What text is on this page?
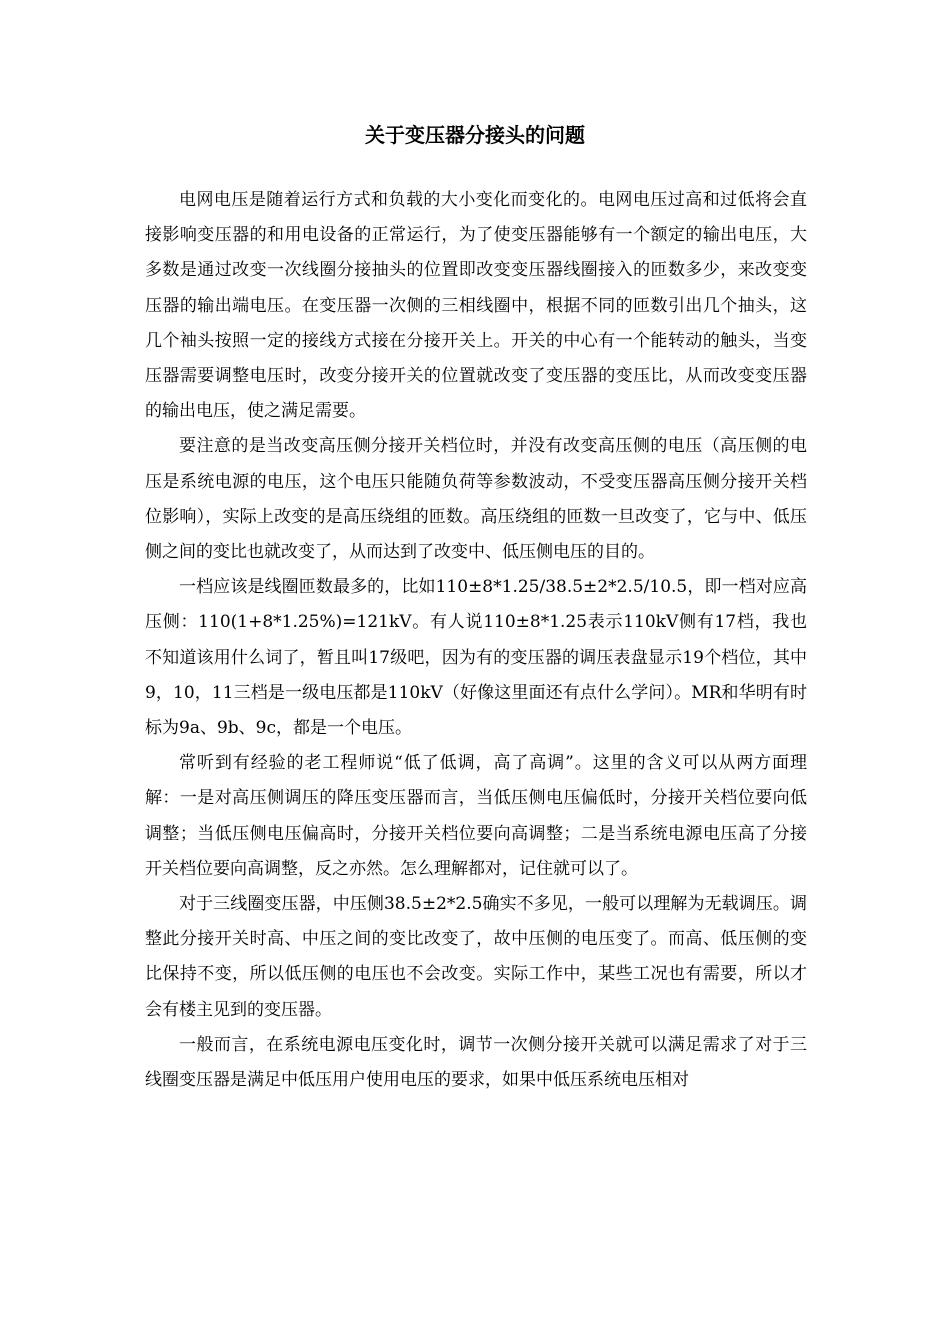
关于变压器分接头的问题

电网电压是随着运行方式和负载的大小变化而变化的。电网电压过高和过低将会直接影响变压器的和用电设备的正常运行，为了使变压器能够有一个额定的输出电压，大多数是通过改变一次线圈分接抽头的位置即改变变压器线圈接入的匝数多少，来改变变压器的输出端电压。在变压器一次侧的三相线圈中，根据不同的匝数引出几个抽头，这几个袖头按照一定的接线方式接在分接开关上。开关的中心有一个能转动的触头，当变压器需要调整电压时，改变分接开关的位置就改变了变压器的变压比，从而改变变压器的输出电压，使之满足需要。

要注意的是当改变高压侧分接开关档位时，并没有改变高压侧的电压（高压侧的电压是系统电源的电压，这个电压只能随负荷等参数波动，不受变压器高压侧分接开关档位影响），实际上改变的是高压绕组的匝数。高压绕组的匝数一旦改变了，它与中、低压侧之间的变比也就改变了，从而达到了改变中、低压侧电压的目的。

一档应该是线圈匝数最多的，比如110±8*1.25/38.5±2*2.5/10.5，即一档对应高压侧：110(1+8*1.25%)=121kV。有人说110±8*1.25表示110kV侧有17档，我也不知道该用什么词了，暂且叫17级吧，因为有的变压器的调压表盘显示19个档位，其中9，10，11三档是一级电压都是110kV（好像这里面还有点什么学问）。MR和华明有时标为9a、9b、9c，都是一个电压。

常听到有经验的老工程师说“低了低调，高了高调”。这里的含义可以从两方面理解：一是对高压侧调压的降压变压器而言，当低压侧电压偏低时，分接开关档位要向低调整；当低压侧电压偏高时，分接开关档位要向高调整；二是当系统电源电压高了分接开关档位要向高调整，反之亦然。怎么理解都对，记住就可以了。

对于三线圈变压器，中压侧38.5±2*2.5确实不多见，一般可以理解为无载调压。调整此分接开关时高、中压之间的变比改变了，故中压侧的电压变了。而高、低压侧的变比保持不变，所以低压侧的电压也不会改变。实际工作中，某些工况也有需要，所以才会有楼主见到的变压器。

一般而言，在系统电源电压变化时，调节一次侧分接开关就可以满足需求了对于三线圈变压器是满足中低压用户使用电压的要求，如果中低压系统电压相对
